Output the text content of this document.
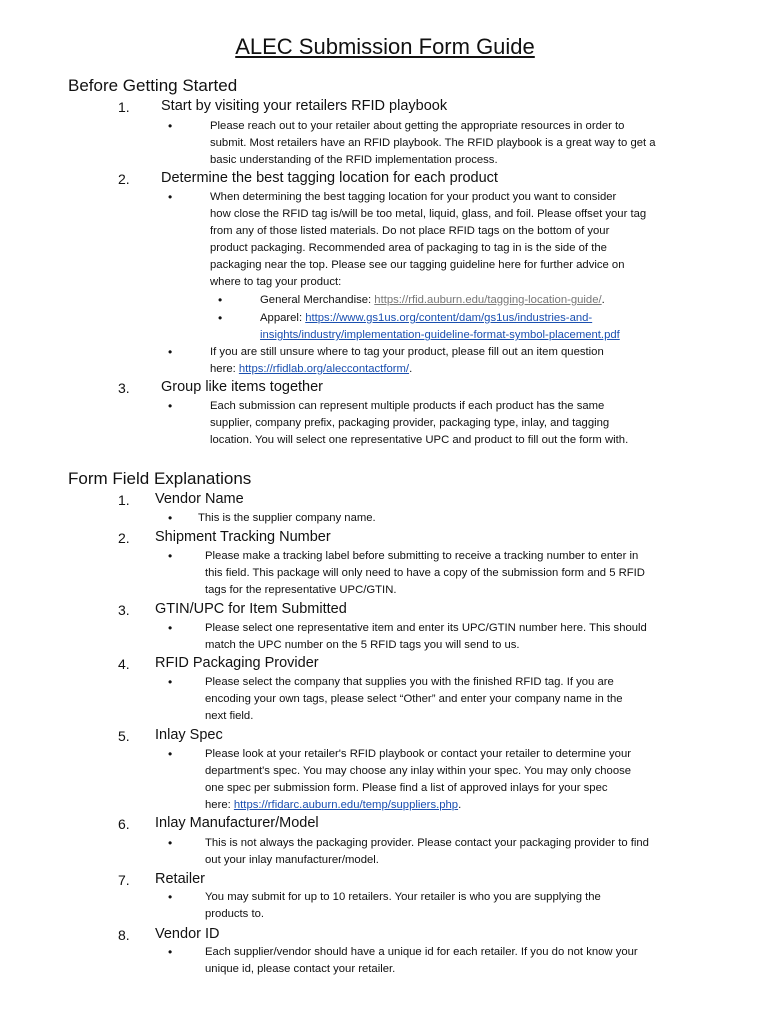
ALEC Submission Form Guide
Before Getting Started
1. Start by visiting your retailers RFID playbook
•	Please reach out to your retailer about getting the appropriate resources in order to
submit. Most retailers have an RFID playbook. The RFID playbook is a great way to get a
basic understanding of the RFID implementation process.
2. Determine the best tagging location for each product
•	When determining the best tagging location for your product you want to consider
how close the RFID tag is/will be too metal, liquid, glass, and foil. Please offset your tag
from any of those listed materials. Do not place RFID tags on the bottom of your
product packaging. Recommended area of packaging to tag in is the side of the
packaging near the top. Please see our tagging guideline here for further advice on
where to tag your product:
•	General Merchandise: https://rfid.auburn.edu/tagging-location-guide/.
•	Apparel: https://www.gs1us.org/content/dam/gs1us/industries-and-
insights/industry/implementation-guideline-format-symbol-placement.pdf
•	If you are still unsure where to tag your product, please fill out an item question
here: https://rfidlab.org/aleccontactform/.
3. Group like items together
•	Each submission can represent multiple products if each product has the same
supplier, company prefix, packaging provider, packaging type, inlay, and tagging
location. You will select one representative UPC and product to fill out the form with.
Form Field Explanations
1. Vendor Name
• This is the supplier company name.
2. Shipment Tracking Number
•	Please make a tracking label before submitting to receive a tracking number to enter in
this field. This package will only need to have a copy of the submission form and 5 RFID
tags for the representative UPC/GTIN.
3. GTIN/UPC for Item Submitted
•	Please select one representative item and enter its UPC/GTIN number here. This should
match the UPC number on the 5 RFID tags you will send to us.
4. RFID Packaging Provider
•	Please select the company that supplies you with the finished RFID tag. If you are
encoding your own tags, please select “Other” and enter your company name in the
next field.
5. Inlay Spec
•	Please look at your retailer's RFID playbook or contact your retailer to determine your
department's spec. You may choose any inlay within your spec. You may only choose
one spec per submission form. Please find a list of approved inlays for your spec
here: https://rfidarc.auburn.edu/temp/suppliers.php.
6. Inlay Manufacturer/Model
•	This is not always the packaging provider. Please contact your packaging provider to find
out your inlay manufacturer/model.
7. Retailer
•	You may submit for up to 10 retailers. Your retailer is who you are supplying the
products to.
8. Vendor ID
•	Each supplier/vendor should have a unique id for each retailer. If you do not know your
unique id, please contact your retailer.
